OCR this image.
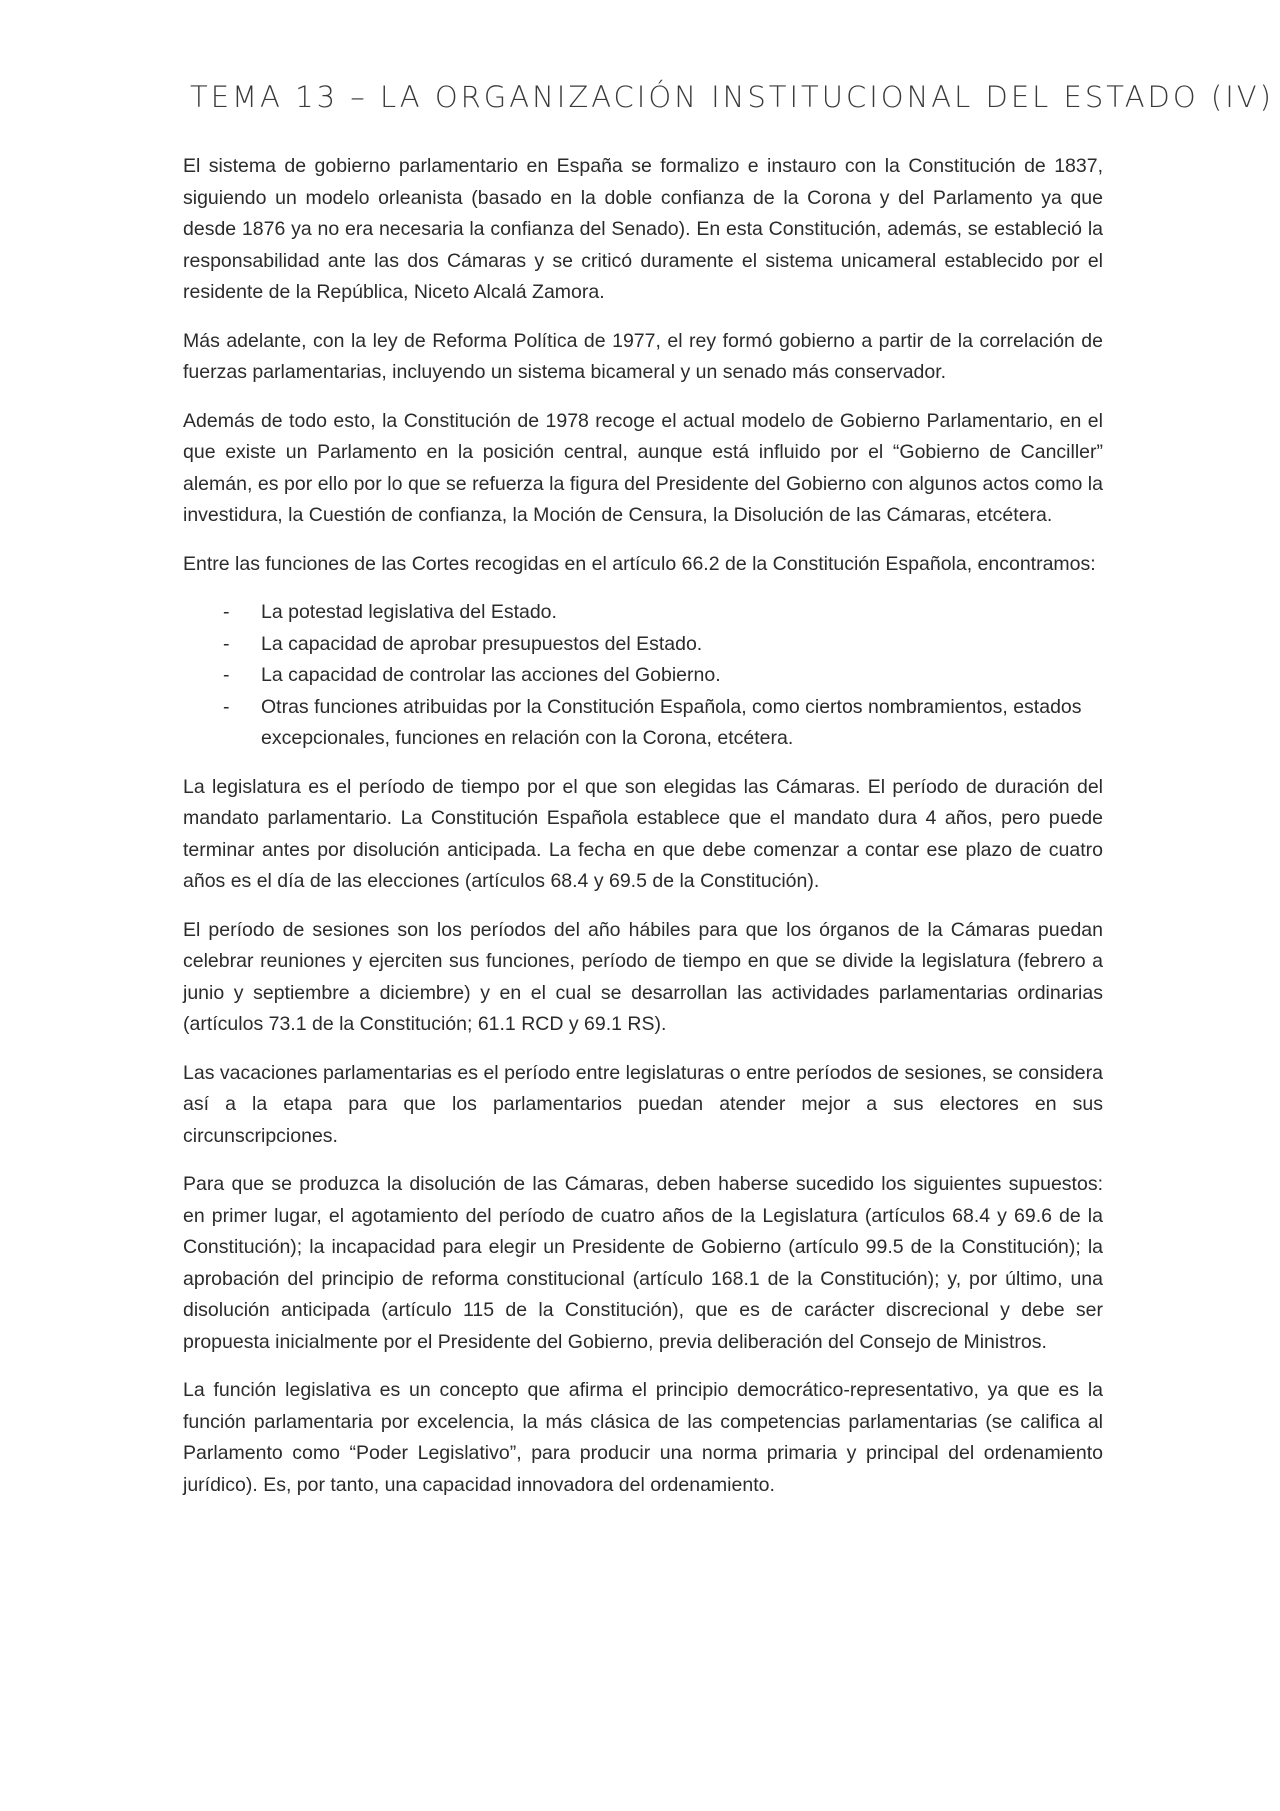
TEMA 13 – LA ORGANIZACIÓN INSTITUCIONAL DEL ESTADO (IV)

El sistema de gobierno parlamentario en España se formalizo e instauro con la Constitución de 1837, siguiendo un modelo orleanista (basado en la doble confianza de la Corona y del Parlamento ya que desde 1876 ya no era necesaria la confianza del Senado). En esta Constitución, además, se estableció la responsabilidad ante las dos Cámaras y se criticó duramente el sistema unicameral establecido por el residente de la República, Niceto Alcalá Zamora.

Más adelante, con la ley de Reforma Política de 1977, el rey formó gobierno a partir de la correlación de fuerzas parlamentarias, incluyendo un sistema bicameral y un senado más conservador.

Además de todo esto, la Constitución de 1978 recoge el actual modelo de Gobierno Parlamentario, en el que existe un Parlamento en la posición central, aunque está influido por el “Gobierno de Canciller” alemán, es por ello por lo que se refuerza la figura del Presidente del Gobierno con algunos actos como la investidura, la Cuestión de confianza, la Moción de Censura, la Disolución de las Cámaras, etcétera.

Entre las funciones de las Cortes recogidas en el artículo 66.2 de la Constitución Española, encontramos:

- La potestad legislativa del Estado.
- La capacidad de aprobar presupuestos del Estado.
- La capacidad de controlar las acciones del Gobierno.
- Otras funciones atribuidas por la Constitución Española, como ciertos nombramientos, estados excepcionales, funciones en relación con la Corona, etcétera.

La legislatura es el período de tiempo por el que son elegidas las Cámaras. El período de duración del mandato parlamentario. La Constitución Española establece que el mandato dura 4 años, pero puede terminar antes por disolución anticipada. La fecha en que debe comenzar a contar ese plazo de cuatro años es el día de las elecciones (artículos 68.4 y 69.5 de la Constitución).

El período de sesiones son los períodos del año hábiles para que los órganos de la Cámaras puedan celebrar reuniones y ejerciten sus funciones, período de tiempo en que se divide la legislatura (febrero a junio y septiembre a diciembre) y en el cual se desarrollan las actividades parlamentarias ordinarias (artículos 73.1 de la Constitución; 61.1 RCD y 69.1 RS).

Las vacaciones parlamentarias es el período entre legislaturas o entre períodos de sesiones, se considera así a la etapa para que los parlamentarios puedan atender mejor a sus electores en sus circunscripciones.

Para que se produzca la disolución de las Cámaras, deben haberse sucedido los siguientes supuestos: en primer lugar, el agotamiento del período de cuatro años de la Legislatura (artículos 68.4 y 69.6 de la Constitución); la incapacidad para elegir un Presidente de Gobierno (artículo 99.5 de la Constitución); la aprobación del principio de reforma constitucional (artículo 168.1 de la Constitución); y, por último, una disolución anticipada (artículo 115 de la Constitución), que es de carácter discrecional y debe ser propuesta inicialmente por el Presidente del Gobierno, previa deliberación del Consejo de Ministros.

La función legislativa es un concepto que afirma el principio democrático-representativo, ya que es la función parlamentaria por excelencia, la más clásica de las competencias parlamentarias (se califica al Parlamento como “Poder Legislativo”, para producir una norma primaria y principal del ordenamiento jurídico). Es, por tanto, una capacidad innovadora del ordenamiento.
